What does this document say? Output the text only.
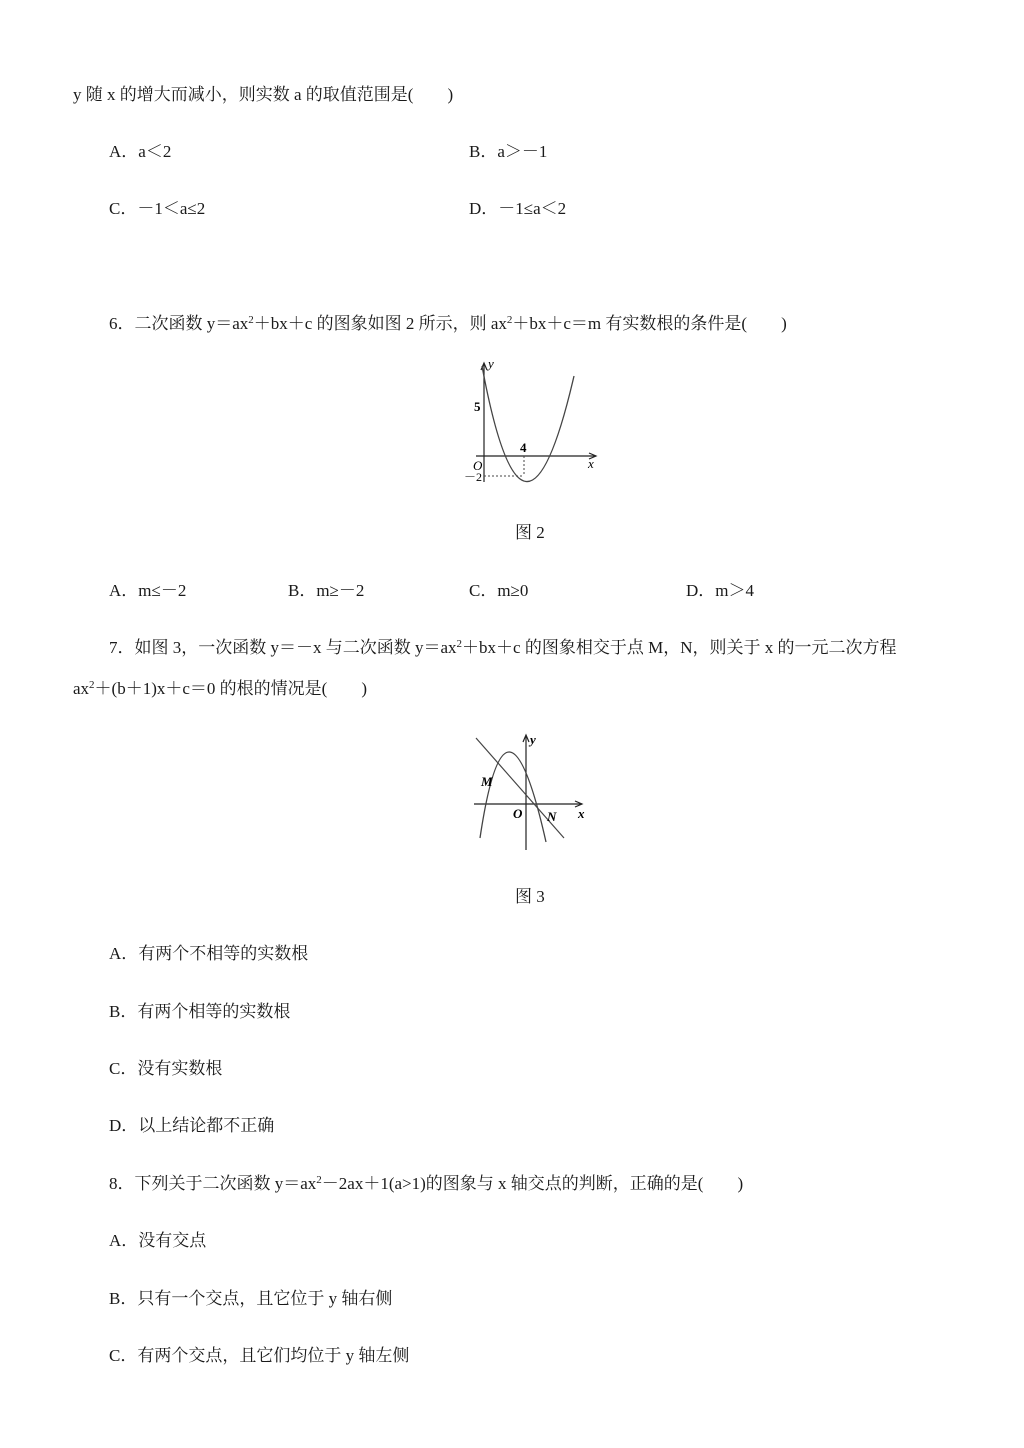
y 随 x 的增大而减小，则实数 a 的取值范围是(　　)
A．a＜2	B．a＞－1
C．－1＜a≤2	D．－1≤a＜2
6．二次函数 $y=ax^2+bx+c$ 的图象如图 2 所示，则 $ax^2+bx+c=m$ 有实数根的条件是(　　)
y
x
O
5
4
－2
图 2
A．m≤－2	B．m≥－2	C．m≥0	D．m＞4
7．如图 3，一次函数 y＝－x 与二次函数 $y=ax^2+bx+c$ 的图象相交于点 M，N，则关于 x 的一元二次方程
$ax^2+(b+1)x+c=0$ 的根的情况是(　　)
y
x
O
M
N
图 3
A．有两个不相等的实数根
B．有两个相等的实数根
C．没有实数根
D．以上结论都不正确
8．下列关于二次函数 $y=ax^2-2ax+1(a>1)$的图象与 x 轴交点的判断，正确的是(　　)
A．没有交点
B．只有一个交点，且它位于 y 轴右侧
C．有两个交点，且它们均位于 y 轴左侧
